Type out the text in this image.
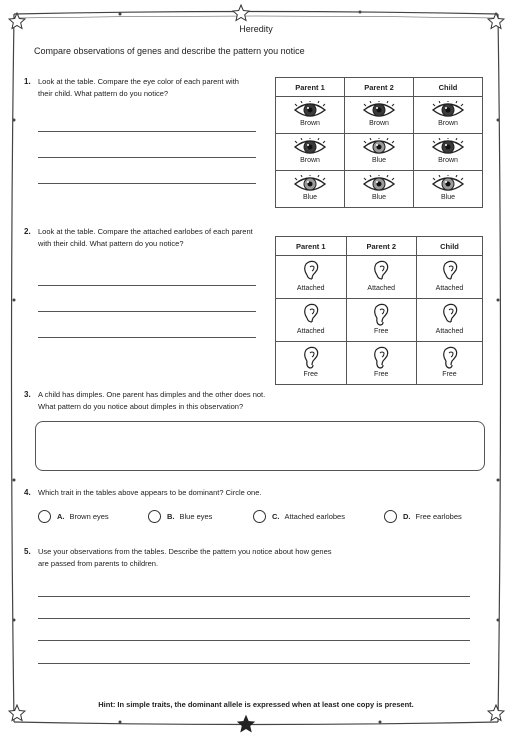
Heredity
Compare observations of genes and describe the pattern you notice
1. Look at the table. Compare the eye color of each parent with
their child. What pattern do you notice?
Parent 1	Parent 2	Child

Brown	Brown	Brown

Brown	Blue	Brown

Blue	Blue	Blue
2. Look at the table. Compare the attached earlobes of each parent
with their child. What pattern do you notice?	Parent 1	Parent 2	Child

Attached	Attached	Attached

Attached	Free	Attached

Free	Free	Free
3. A child has dimples. One parent has dimples and the other does not.
What pattern do you notice about dimples in this observation?
4. Which trait in the tables above appears to be dominant? Circle one.
A. Brown eyes	B. Blue eyes	C. Attached earlobes	D. Free earlobes
5. Use your observations from the tables. Describe the pattern you notice about how genes
are passed from parents to children.
Hint: In simple traits, the dominant allele is expressed when at least one copy is present.
